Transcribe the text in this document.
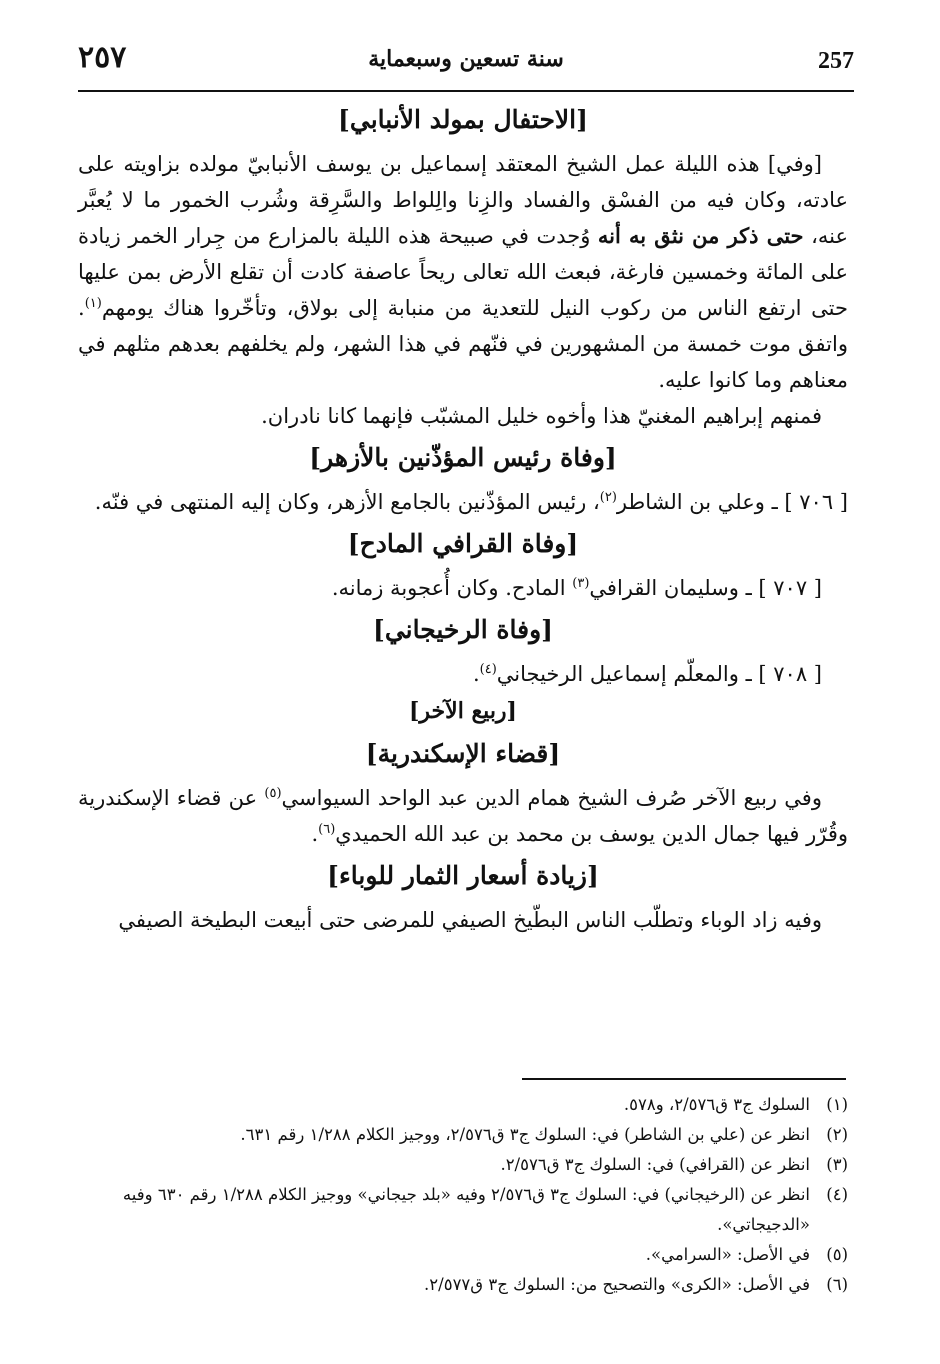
٢٥٧	سنة تسعين وسبعماية	257
[الاحتفال بمولد الأنبابي]

[وفي] هذه الليلة عمل الشيخ المعتقد إسماعيل بن يوسف الأنبابيّ مولده بزاويته على عادته، وكان فيه من الفسْق والفساد والزِنا والِلواط والسَّرِقة وشُرب الخمور ما لا يُعبَّر عنه، حتى ذكر من نثق به أنه وُجدت في صبيحة هذه الليلة بالمزارع من جِرار الخمر زيادة على المائة وخمسين فارغة، فبعث الله تعالى ريحاً عاصفة كادت أن تقلع الأرض بمن عليها حتى ارتفع الناس من ركوب النيل للتعدية من منبابة إلى بولاق، وتأخّروا هناك يومهم$^{(١)}$. واتفق موت خمسة من المشهورين في فنّهم في هذا الشهر، ولم يخلفهم بعدهم مثلهم في معناهم وما كانوا عليه.

فمنهم إبراهيم المغنيّ هذا وأخوه خليل المشبّب فإنهما كانا نادران.

[وفاة رئيس المؤذّنين بالأزهر]

[ ٧٠٦ ] ـ وعلي بن الشاطر$^{(٢)}$، رئيس المؤذّنين بالجامع الأزهر، وكان إليه المنتهى في فنّه.

[وفاة القرافي المادح]

[ ٧٠٧ ] ـ وسليمان القرافي$^{(٣)}$ المادح. وكان أُعجوبة زمانه.

[وفاة الرخيجاني]

[ ٧٠٨ ] ـ والمعلّم إسماعيل الرخيجاني$^{(٤)}$.

[ربيع الآخر]
[قضاء الإسكندرية]

وفي ربيع الآخر صُرف الشيخ همام الدين عبد الواحد السيواسي$^{(٥)}$ عن قضاء الإسكندرية وقُرّر فيها جمال الدين يوسف بن محمد بن عبد الله الحميدي$^{(٦)}$.

[زيادة أسعار الثمار للوباء]

وفيه زاد الوباء وتطلّب الناس البطّيخ الصيفي للمرضى حتى أبيعت البطيخة الصيفي

(١)
السلوك ج٣ ق٢/٥٧٦، و٥٧٨.
(٢)
انظر عن (علي بن الشاطر) في: السلوك ج٣ ق٢/٥٧٦، ووجيز الكلام ١/٢٨٨ رقم ٦٣١.
(٣)
انظر عن (القرافي) في: السلوك ج٣ ق٢/٥٧٦.
(٤)
انظر عن (الرخيجاني) في: السلوك ج٣ ق٢/٥٧٦ وفيه «بلد جيجاني» ووجيز الكلام ١/٢٨٨ رقم ٦٣٠ وفيه «الدجيجاتي».
(٥)
في الأصل: «السرامي».
(٦)
في الأصل: «الكرى» والتصحيح من: السلوك ج٣ ق٢/٥٧٧.
